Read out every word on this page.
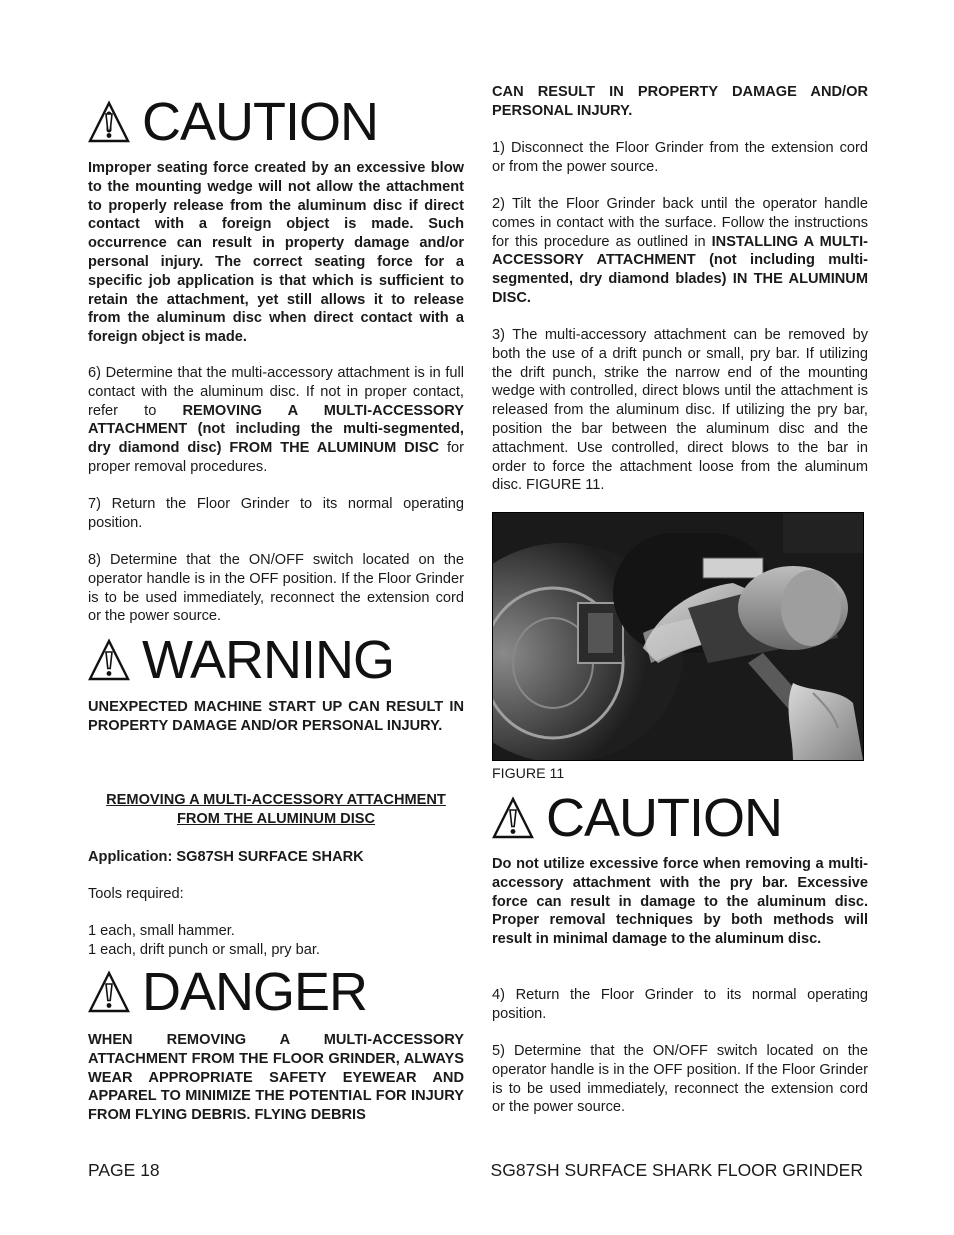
CAUTION

Improper seating force created by an excessive blow to the mounting wedge will not allow the attachment to properly release from the aluminum disc if direct contact with a foreign object is made. Such occurrence can result in property damage and/or personal injury. The correct seating force for a specific job application is that which is sufficient to retain the attachment, yet still allows it to release from the aluminum disc when direct contact with a foreign object is made.

6) Determine that the multi-accessory attachment is in full contact with the aluminum disc. If not in proper contact, refer to REMOVING A MULTI-ACCESSORY ATTACHMENT (not including the multi-segmented, dry diamond disc) FROM THE ALUMINUM DISC for proper removal procedures.

7) Return the Floor Grinder to its normal operating position.

8) Determine that the ON/OFF switch located on the operator handle is in the OFF position. If the Floor Grinder is to be used immediately, reconnect the extension cord or the power source.

WARNING

UNEXPECTED MACHINE START UP CAN RESULT IN PROPERTY DAMAGE AND/OR PERSONAL INJURY.

REMOVING A MULTI-ACCESSORY ATTACHMENT

FROM THE ALUMINUM DISC

Application: SG87SH SURFACE SHARK

Tools required:

1 each, small hammer.

1 each, drift punch or small, pry bar.

DANGER

WHEN REMOVING A MULTI-ACCESSORY ATTACHMENT FROM THE FLOOR GRINDER, ALWAYS WEAR APPROPRIATE SAFETY EYEWEAR AND APPAREL TO MINIMIZE THE POTENTIAL FOR INJURY FROM FLYING DEBRIS. FLYING DEBRIS

CAN RESULT IN PROPERTY DAMAGE AND/OR PERSONAL INJURY.

1) Disconnect the Floor Grinder from the extension cord or from the power source.

2) Tilt the Floor Grinder back until the operator handle comes in contact with the surface. Follow the instructions for this procedure as outlined in INSTALLING A MULTI-ACCESSORY ATTACHMENT (not including multi-segmented, dry diamond blades) IN THE ALUMINUM DISC.

3) The multi-accessory attachment can be removed by both the use of a drift punch or small, pry bar. If utilizing the drift punch, strike the narrow end of the mounting wedge with controlled, direct blows until the attachment is released from the aluminum disc. If utilizing the pry bar, position the bar between the aluminum disc and the attachment. Use controlled, direct blows to the bar in order to force the attachment loose from the aluminum disc. FIGURE 11.

FIGURE 11

CAUTION

Do not utilize excessive force when removing a multi-accessory attachment with the pry bar. Excessive force can result in damage to the aluminum disc. Proper removal techniques by both methods will result in minimal damage to the aluminum disc.

4) Return the Floor Grinder to its normal operating position.

5) Determine that the ON/OFF switch located on the operator handle is in the OFF position. If the Floor Grinder is to be used immediately, reconnect the extension cord or the power source.

PAGE 18	SG87SH SURFACE SHARK FLOOR GRINDER
